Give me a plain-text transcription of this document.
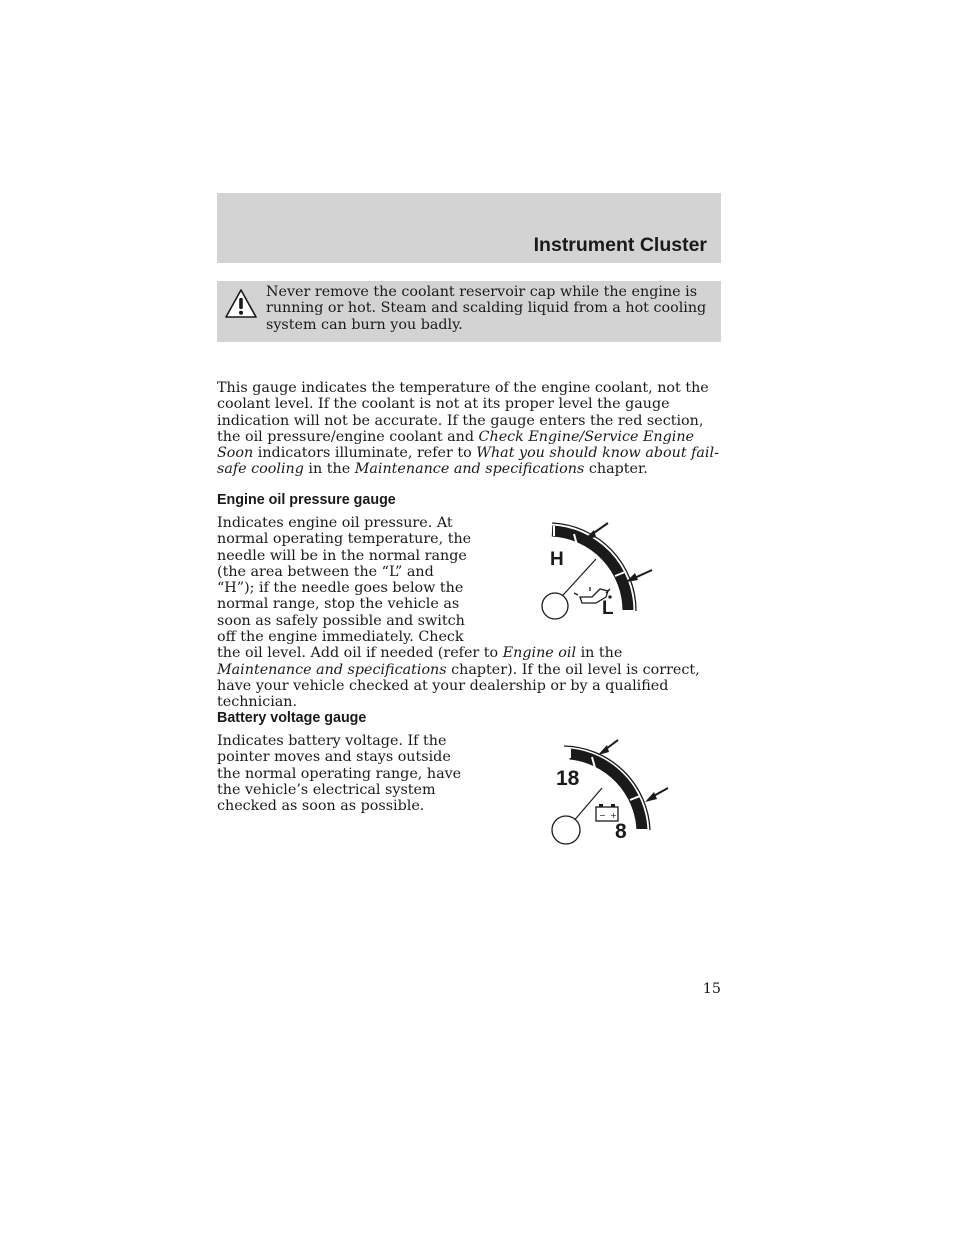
Instrument Cluster
Never remove the coolant reservoir cap while the engine is running or hot. Steam and scalding liquid from a hot cooling system can burn you badly.

This gauge indicates the temperature of the engine coolant, not the coolant level. If the coolant is not at its proper level the gauge indication will not be accurate. If the gauge enters the red section, the oil pressure/engine coolant and Check Engine/Service Engine Soon indicators illuminate, refer to What you should know about fail-safe cooling in the Maintenance and specifications chapter.

Engine oil pressure gauge
H
L
Indicates engine oil pressure. At normal operating temperature, the needle will be in the normal range (the area between the “L” and “H”); if the needle goes below the normal range, stop the vehicle as soon as safely possible and switch off the engine immediately. Check the oil level. Add oil if needed (refer to Engine oil in the Maintenance and specifications chapter). If the oil level is correct, have your vehicle checked at your dealership or by a qualified technician.
Battery voltage gauge

Indicates battery voltage. If the pointer moves and stays outside the normal operating range, have the vehicle’s electrical system checked as soon as possible.

18
8
− +
15
